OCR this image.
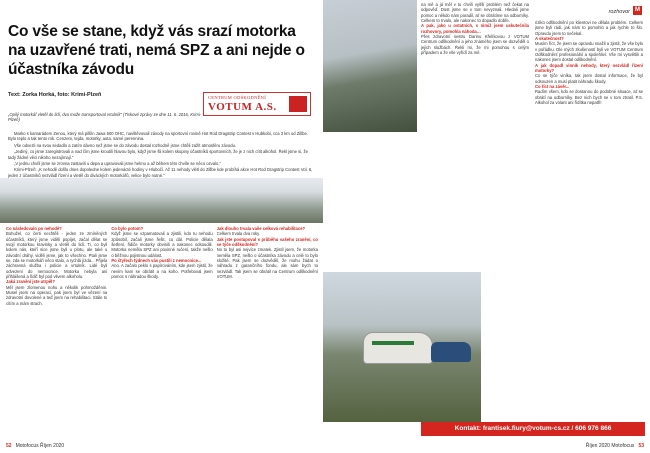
Co vše se stane, když vás srazí motorka na uzavřené trati, nemá SPZ a ani nejde o účastníka závodu
Text: Zorka Horká, foto: Krimi-Plzeň	CENTRUM ODŠKODNĚNÍ
VOTUM A.S.
„Opilý motorkář vletěl do lidí, dva muže transportoval vrtulník" (Tiskové zprávy ze dne 11. 6. 2016, Krimi-Plzeň)

Marko s kamarádem Zenou, který má pilšín Jawa 500 OHC, navštěvovali závody na sportovní rovině Hot Rod Dragstrip Contest v Hubkobi, cca 3 km od Zillbe. Bylo teplo a tak tento rok. Cenzem, tejda, motorky, auta, samé perennina.

Vše odvezli na svou sedadlo a zatím dávno než jsme se do závodu dostal rozhodně jsme chtěli zažít atmosféru závodu.

„Jediný, co jsme zaregistrovali a nad čím jsme kroutili hlavou bylo, když jsme šli kolem skupiny účastníků sportovních, že je z nich cítit alkohol. Řekl jsme si, že tady žádné věci nikoho nezajímají.“

„V jednu chvíli jsme se zrovna zastavili u depa a upravovali jsme helmu a až během této chvíle se něco ozvalo.“

Krimi-Plzeň: „K nehodě došlo dnes dopoledne kolem jedenácté hodiny v Hlubočí. Až 11 nehody vlétl do Zillbe kde probíhá akce Hot Rod Dragstrip Contest Vol. 6, jeden z účastníků nezvládl řízení a vletěl do diváckých motorkářů, velice bylo nutné.“

Co následovalo po nehodě?
Bohužel, co čerti nechtěli - jeden ze zmíněných účastníků, který jsme viděli popíjet, začal dělat se svojí motorkou kravinky a vletěl do lidí. Ti, co byli kolem nás, kteří sice jsme byli u plotu, ale také u závodní dráhy, viděli jsme, jak to všechno. Ptali jsme se, zda se motorkáři něco stalo, a rychlá jízda... Přijela záchranná služba i policie a vrtulník. Lidé byli odvezeni do nemocnice. Motorka nebyla ani přihlášená a řidič byl pod vlivem alkoholu.
Jaká zranění jste utrpěl?
Měl jsem zlomenou nohu a několik pohmožděnin. Musel jsem na operaci, pak jsem byl ve vězení na zdravotní dovolené a teď jsem na rehabilitaci. Stále to cítím a mám strach.
Co bylo potom?
Když jsme se vzpamatovali a zjistili, kdo tu nehodu způsobil, začali jsme řešit, co dál. Policie dělala šetření, řidiče motorky obvinili a nakonec odsoudili. Motorka neměla SPZ ani povinné ručení, takže nešlo o běžnou pojistnou událost.
Po čtyřech týdnech vás pustili z nemocnice...
Ano. A začalo peklo s papírováním, kde jsem zjistil, že nevím kam se obrátit a na koho. Potřeboval jsem pomoc s náhradou škody.
Jak dlouho trvala vaše celková rehabilitace?
Celkem trvala dva roky.
Jak jste postupoval s průběhu vašeho zranění, co se týče odškodnění?
No to byl asi nejvíce zmatek. Zjistil jsem, že motorka neměla SPZ, nešlo o účastníka závodu a celé to bylo složité. Pak jsem se dozvěděl, že mohu žádat o náhradu z garančního fondu, ale sám bych to nezvládl. Tak jsem se obrátil na Centrum odškodnění VOTUM.
52 Motofocus Říjen 2020
rozhovor M
na mě a já měl v tu chvíli vyšší problém než čekat na odpověď. Dost jsme se v tom nevyznali. Hledali jsme pomoc a někdo nám poradil, ať se obrátíme na odborníky. Celkem to trvalo, ale nakonec to dopadlo dobře.
A pak, jako u ostatních, s nimiž jsem uskutečnila rozhovory, pomohla náhoda…
Přes zdravotní sestru Darinu Křelíkovou z VOTUM Centrum odškodnění a jeho známého jsem se dozvěděl o jejich službách. Řekli mi, že mi pomohou s celým případem a že vše vyřídí za mě.
riziko odškodnění po klientovi ne dělala problém. Celkem jsme byli rádi, jak nám to pomohlo a jak rychle to šlo. Opravdu jsem to nečekal.
A skutečnost?
Musím říct, že jsem se opravdu snažil a zjistil, že vše bylo v pořádku. Dle mých zkušeností byli ve VOTUM Centrum Odškodnění profesionální a spolehliví. Vše mi vysvětlili a nakonec jsem dostal odškodnění.
A jak dopadl vinník nehody, který nezvládl řízení motorky?
Co se týče viníka, tak jsem dostal informace, že byl odsouzen a musí platit náhradu škody.
Co říct na závěr...
Radím všem, kdo se dostanou do podobné situace, ať se obrátí na odborníky. Bez nich bych se v tom ztratil. P.S. Alkohol za volant ani řídítka nepatří!
Kontakt: frantisek.fiury@votum-cs.cz / 606 976 866
Říjen 2020 Motofocus 53
